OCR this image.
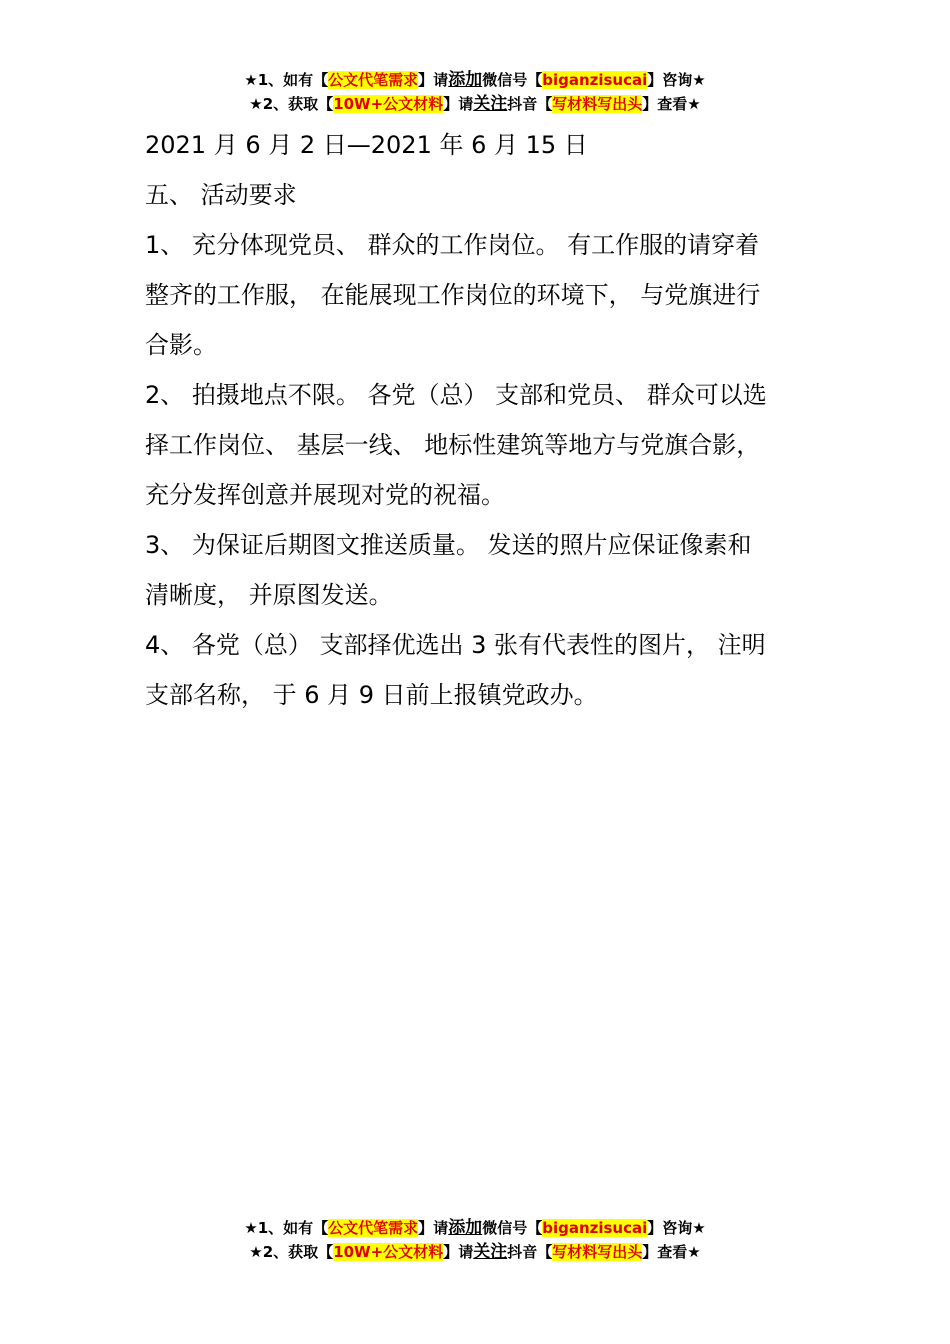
★1、如有【公文代笔需求】请添加微信号【biganzisucai】咨询★
★2、获取【10W+公文材料】请关注抖音【写材料写出头】查看★

2021 月 6 月 2 日—2021 年 6 月 15 日

五、 活动要求

1、 充分体现党员、 群众的工作岗位。 有工作服的请穿着

整齐的工作服， 在能展现工作岗位的环境下， 与党旗进行

合影。

2、 拍摄地点不限。 各党（总） 支部和党员、 群众可以选

择工作岗位、 基层一线、 地标性建筑等地方与党旗合影，

充分发挥创意并展现对党的祝福。

3、 为保证后期图文推送质量。 发送的照片应保证像素和

清晰度， 并原图发送。

4、 各党（总） 支部择优选出 3 张有代表性的图片， 注明

支部名称， 于 6 月 9 日前上报镇党政办。

★1、如有【公文代笔需求】请添加微信号【biganzisucai】咨询★
★2、获取【10W+公文材料】请关注抖音【写材料写出头】查看★
